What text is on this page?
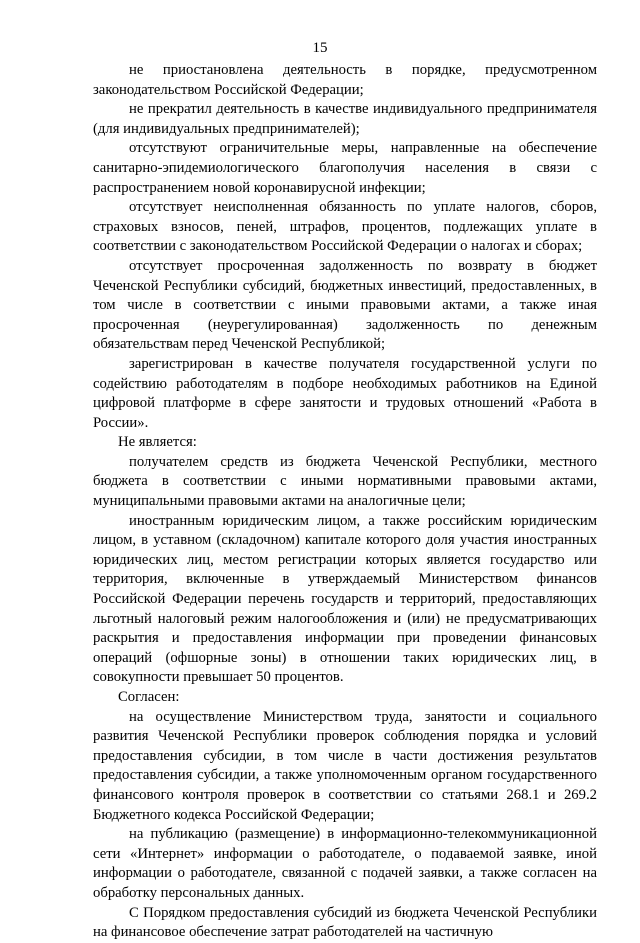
15

не приостановлена деятельность в порядке, предусмотренном законодательством Российской Федерации;

не прекратил деятельность в качестве индивидуального предпринимателя (для индивидуальных предпринимателей);

отсутствуют ограничительные меры, направленные на обеспечение санитарно-эпидемиологического благополучия населения в связи с распространением новой коронавирусной инфекции;

отсутствует неисполненная обязанность по уплате налогов, сборов, страховых взносов, пеней, штрафов, процентов, подлежащих уплате в соответствии с законодательством Российской Федерации о налогах и сборах;

отсутствует просроченная задолженность по возврату в бюджет Чеченской Республики субсидий, бюджетных инвестиций, предоставленных, в том числе в соответствии с иными правовыми актами, а также иная просроченная (неурегулированная) задолженность по денежным обязательствам перед Чеченской Республикой;

зарегистрирован в качестве получателя государственной услуги по содействию работодателям в подборе необходимых работников на Единой цифровой платформе в сфере занятости и трудовых отношений «Работа в России».

Не является:

получателем средств из бюджета Чеченской Республики, местного бюджета в соответствии с иными нормативными правовыми актами, муниципальными правовыми актами на аналогичные цели;

иностранным юридическим лицом, а также российским юридическим лицом, в уставном (складочном) капитале которого доля участия иностранных юридических лиц, местом регистрации которых является государство или территория, включенные в утверждаемый Министерством финансов Российской Федерации перечень государств и территорий, предоставляющих льготный налоговый режим налогообложения и (или) не предусматривающих раскрытия и предоставления информации при проведении финансовых операций (офшорные зоны) в отношении таких юридических лиц, в совокупности превышает 50 процентов.

Согласен:

на осуществление Министерством труда, занятости и социального развития Чеченской Республики проверок соблюдения порядка и условий предоставления субсидии, в том числе в части достижения результатов предоставления субсидии, а также уполномоченным органом государственного финансового контроля проверок в соответствии со статьями 268.1 и 269.2 Бюджетного кодекса Российской Федерации;

на публикацию (размещение) в информационно-телекоммуникационной сети «Интернет» информации о работодателе, о подаваемой заявке, иной информации о работодателе, связанной с подачей заявки, а также согласен на обработку персональных данных.

С Порядком предоставления субсидий из бюджета Чеченской Республики на финансовое обеспечение затрат работодателей на частичную
